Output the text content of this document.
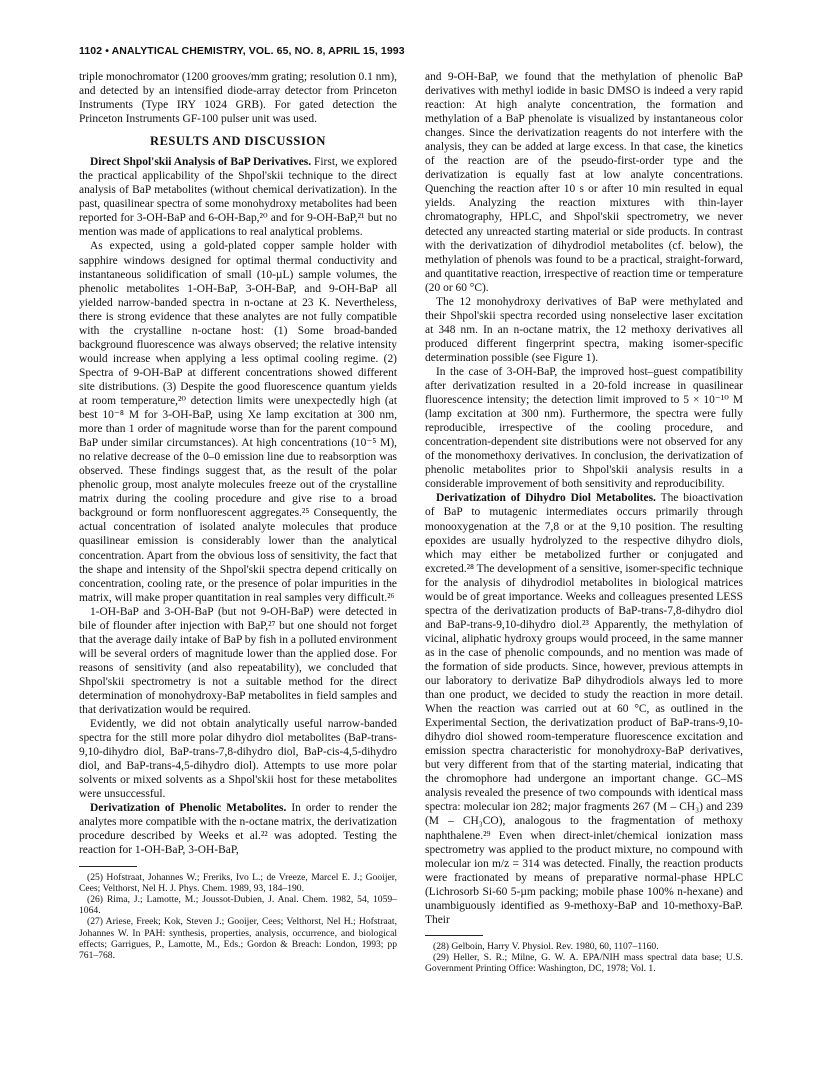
1102 • ANALYTICAL CHEMISTRY, VOL. 65, NO. 8, APRIL 15, 1993

triple monochromator (1200 grooves/mm grating; resolution 0.1 nm), and detected by an intensified diode-array detector from Princeton Instruments (Type IRY 1024 GRB). For gated detection the Princeton Instruments GF-100 pulser unit was used.

RESULTS AND DISCUSSION

Direct Shpol'skii Analysis of BaP Derivatives. First, we explored the practical applicability of the Shpol'skii technique to the direct analysis of BaP metabolites (without chemical derivatization). In the past, quasilinear spectra of some monohydroxy metabolites had been reported for 3-OH-BaP and 6-OH-Bap,²⁰ and for 9-OH-BaP,²¹ but no mention was made of applications to real analytical problems.

As expected, using a gold-plated copper sample holder with sapphire windows designed for optimal thermal conductivity and instantaneous solidification of small (10-µL) sample volumes, the phenolic metabolites 1-OH-BaP, 3-OH-BaP, and 9-OH-BaP all yielded narrow-banded spectra in n-octane at 23 K. Nevertheless, there is strong evidence that these analytes are not fully compatible with the crystalline n-octane host: (1) Some broad-banded background fluorescence was always observed; the relative intensity would increase when applying a less optimal cooling regime. (2) Spectra of 9-OH-BaP at different concentrations showed different site distributions. (3) Despite the good fluorescence quantum yields at room temperature,²⁰ detection limits were unexpectedly high (at best 10⁻⁸ M for 3-OH-BaP, using Xe lamp excitation at 300 nm, more than 1 order of magnitude worse than for the parent compound BaP under similar circumstances). At high concentrations (10⁻⁵ M), no relative decrease of the 0–0 emission line due to reabsorption was observed. These findings suggest that, as the result of the polar phenolic group, most analyte molecules freeze out of the crystalline matrix during the cooling procedure and give rise to a broad background or form nonfluorescent aggregates.²⁵ Consequently, the actual concentration of isolated analyte molecules that produce quasilinear emission is considerably lower than the analytical concentration. Apart from the obvious loss of sensitivity, the fact that the shape and intensity of the Shpol'skii spectra depend critically on concentration, cooling rate, or the presence of polar impurities in the matrix, will make proper quantitation in real samples very difficult.²⁶

1-OH-BaP and 3-OH-BaP (but not 9-OH-BaP) were detected in bile of flounder after injection with BaP,²⁷ but one should not forget that the average daily intake of BaP by fish in a polluted environment will be several orders of magnitude lower than the applied dose. For reasons of sensitivity (and also repeatability), we concluded that Shpol'skii spectrometry is not a suitable method for the direct determination of monohydroxy-BaP metabolites in field samples and that derivatization would be required.

Evidently, we did not obtain analytically useful narrow-banded spectra for the still more polar dihydro diol metabolites (BaP-trans-9,10-dihydro diol, BaP-trans-7,8-dihydro diol, BaP-cis-4,5-dihydro diol, and BaP-trans-4,5-dihydro diol). Attempts to use more polar solvents or mixed solvents as a Shpol'skii host for these metabolites were unsuccessful.

Derivatization of Phenolic Metabolites. In order to render the analytes more compatible with the n-octane matrix, the derivatization procedure described by Weeks et al.²² was adopted. Testing the reaction for 1-OH-BaP, 3-OH-BaP,

(25) Hofstraat, Johannes W.; Freriks, Ivo L.; de Vreeze, Marcel E. J.; Gooijer, Cees; Velthorst, Nel H. J. Phys. Chem. 1989, 93, 184–190.

(26) Rima, J.; Lamotte, M.; Joussot-Dubien, J. Anal. Chem. 1982, 54, 1059–1064.

(27) Ariese, Freek; Kok, Steven J.; Gooijer, Cees; Velthorst, Nel H.; Hofstraat, Johannes W. In PAH: synthesis, properties, analysis, occurrence, and biological effects; Garrigues, P., Lamotte, M., Eds.; Gordon & Breach: London, 1993; pp 761–768.

and 9-OH-BaP, we found that the methylation of phenolic BaP derivatives with methyl iodide in basic DMSO is indeed a very rapid reaction: At high analyte concentration, the formation and methylation of a BaP phenolate is visualized by instantaneous color changes. Since the derivatization reagents do not interfere with the analysis, they can be added at large excess. In that case, the kinetics of the reaction are of the pseudo-first-order type and the derivatization is equally fast at low analyte concentrations. Quenching the reaction after 10 s or after 10 min resulted in equal yields. Analyzing the reaction mixtures with thin-layer chromatography, HPLC, and Shpol'skii spectrometry, we never detected any unreacted starting material or side products. In contrast with the derivatization of dihydrodiol metabolites (cf. below), the methylation of phenols was found to be a practical, straight-forward, and quantitative reaction, irrespective of reaction time or temperature (20 or 60 °C).

The 12 monohydroxy derivatives of BaP were methylated and their Shpol'skii spectra recorded using nonselective laser excitation at 348 nm. In an n-octane matrix, the 12 methoxy derivatives all produced different fingerprint spectra, making isomer-specific determination possible (see Figure 1).

In the case of 3-OH-BaP, the improved host–guest compatibility after derivatization resulted in a 20-fold increase in quasilinear fluorescence intensity; the detection limit improved to 5 × 10⁻¹⁰ M (lamp excitation at 300 nm). Furthermore, the spectra were fully reproducible, irrespective of the cooling procedure, and concentration-dependent site distributions were not observed for any of the monomethoxy derivatives. In conclusion, the derivatization of phenolic metabolites prior to Shpol'skii analysis results in a considerable improvement of both sensitivity and reproducibility.

Derivatization of Dihydro Diol Metabolites. The bioactivation of BaP to mutagenic intermediates occurs primarily through monooxygenation at the 7,8 or at the 9,10 position. The resulting epoxides are usually hydrolyzed to the respective dihydro diols, which may either be metabolized further or conjugated and excreted.²⁸ The development of a sensitive, isomer-specific technique for the analysis of dihydrodiol metabolites in biological matrices would be of great importance. Weeks and colleagues presented LESS spectra of the derivatization products of BaP-trans-7,8-dihydro diol and BaP-trans-9,10-dihydro diol.²³ Apparently, the methylation of vicinal, aliphatic hydroxy groups would proceed, in the same manner as in the case of phenolic compounds, and no mention was made of the formation of side products. Since, however, previous attempts in our laboratory to derivatize BaP dihydrodiols always led to more than one product, we decided to study the reaction in more detail. When the reaction was carried out at 60 °C, as outlined in the Experimental Section, the derivatization product of BaP-trans-9,10-dihydro diol showed room-temperature fluorescence excitation and emission spectra characteristic for monohydroxy-BaP derivatives, but very different from that of the starting material, indicating that the chromophore had undergone an important change. GC–MS analysis revealed the presence of two compounds with identical mass spectra: molecular ion 282; major fragments 267 (M – CH₃) and 239 (M – CH₃CO), analogous to the fragmentation of methoxy naphthalene.²⁹ Even when direct-inlet/chemical ionization mass spectrometry was applied to the product mixture, no compound with molecular ion m/z = 314 was detected. Finally, the reaction products were fractionated by means of preparative normal-phase HPLC (Lichrosorb Si-60 5-µm packing; mobile phase 100% n-hexane) and unambiguously identified as 9-methoxy-BaP and 10-methoxy-BaP. Their

(28) Gelboin, Harry V. Physiol. Rev. 1980, 60, 1107–1160.

(29) Heller, S. R.; Milne, G. W. A. EPA/NIH mass spectral data base; U.S. Government Printing Office: Washington, DC, 1978; Vol. 1.
